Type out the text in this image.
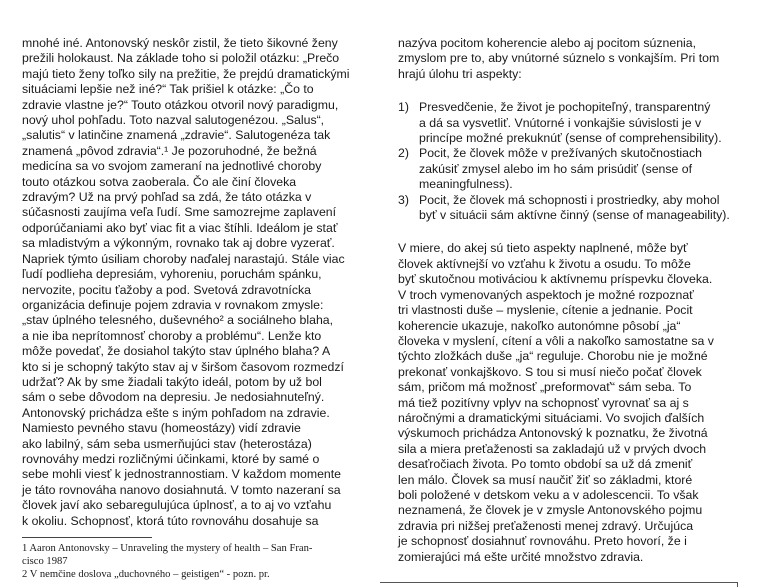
mnohé iné. Antonovský neskôr zistil, že tieto šikovné ženy
prežili holokaust. Na základe toho si položil otázku: „Prečo
majú tieto ženy toľko sily na prežitie, že prejdú dramatickými
situáciami lepšie než iné?“ Tak prišiel k otázke: „Čo to
zdravie vlastne je?“ Touto otázkou otvoril nový paradigmu,
nový uhol pohľadu. Toto nazval salutogenézou. „Salus“,
„salutis“ v latinčine znamená „zdravie“. Salutogenéza tak
znamená „pôvod zdravia“.¹ Je pozoruhodné, že bežná
medicína sa vo svojom zameraní na jednotlivé choroby
touto otázkou sotva zaoberala. Čo ale činí človeka
zdravým? Už na prvý pohľad sa zdá, že táto otázka v
súčasnosti zaujíma veľa ľudí. Sme samozrejme zaplavení
odporúčaniami ako byť viac fit a viac štíhli. Ideálom je stať
sa mladistvým a výkonným, rovnako tak aj dobre vyzerať.
Napriek týmto úsiliam choroby naďalej narastajú. Stále viac
ľudí podlieha depresiám, vyhoreniu, poruchám spánku,
nervozite, pocitu ťažoby a pod. Svetová zdravotnícka
organizácia definuje pojem zdravia v rovnakom zmysle:
„stav úplného telesného, duševného² a sociálneho blaha,
a nie iba neprítomnosť choroby a problému“. Lenže kto
môže povedať, že dosiahol takýto stav úplného blaha? A
kto si je schopný takýto stav aj v širšom časovom rozmedzí
udržať? Ak by sme žiadali takýto ideál, potom by už bol
sám o sebe dôvodom na depresiu. Je nedosiahnuteľný.
Antonovský prichádza ešte s iným pohľadom na zdravie.
Namiesto pevného stavu (homeostázy) vidí zdravie
ako labilný, sám seba usmerňujúci stav (heterostáza)
rovnováhy medzi rozličnými účinkami, ktoré by samé o
sebe mohli viesť k jednostrannostiam. V každom momente
je táto rovnováha nanovo dosiahnutá. V tomto nazeraní sa
človek javí ako sebaregulujúca úplnosť, a to aj vo vzťahu
k okoliu. Schopnosť, ktorá túto rovnováhu dosahuje sa
1 Aaron Antonovsky – Unraveling the mystery of health – San Fran-
cisco 1987
2 V nemčine doslova „duchovného – geistigen“ - pozn. pr.
nazýva pocitom koherencie alebo aj pocitom súznenia,
zmyslom pre to, aby vnútorné súznelo s vonkajším. Pri tom
hrajú úlohu tri aspekty:
1) Presvedčenie, že život je pochopiteľný, transparentný
a dá sa vysvetliť. Vnútorné i vonkajšie súvislosti je v
princípe možné prekuknúť (sense of comprehensibility).
2) Pocit, že človek môže v prežívaných skutočnostiach
zakúsiť zmysel alebo im ho sám prisúdiť (sense of
meaningfulness).
3) Pocit, že človek má schopnosti i prostriedky, aby mohol
byť v situácii sám aktívne činný (sense of manageability).
V miere, do akej sú tieto aspekty naplnené, môže byť
človek aktívnejší vo vzťahu k životu a osudu. To môže
byť skutočnou motiváciou k aktívnemu príspevku človeka.
V troch vymenovaných aspektoch je možné rozpoznať
tri vlastnosti duše – myslenie, cítenie a jednanie. Pocit
koherencie ukazuje, nakoľko autonómne pôsobí „ja“
človeka v myslení, cítení a vôli a nakoľko samostatne sa v
týchto zložkách duše „ja“ reguluje. Chorobu nie je možné
prekonať vonkajškovo. S tou si musí niečo počať človek
sám, pričom má možnosť „preformovať“ sám seba. To
má tiež pozitívny vplyv na schopnosť vyrovnať sa aj s
náročnými a dramatickými situáciami. Vo svojich ďalších
výskumoch prichádza Antonovský k poznatku, že životná
sila a miera preťaženosti sa zakladajú už v prvých dvoch
desaťročiach života. Po tomto období sa už dá zmeniť
len málo. Človek sa musí naučiť žiť so základmi, ktoré
boli položené v detskom veku a v adolescencii. To však
neznamená, že človek je v zmysle Antonovského pojmu
zdravia pri nižšej preťaženosti menej zdravý. Určujúca
je schopnosť dosiahnuť rovnováhu. Preto hovorí, že i
zomierajúci má ešte určité množstvo zdravia.
